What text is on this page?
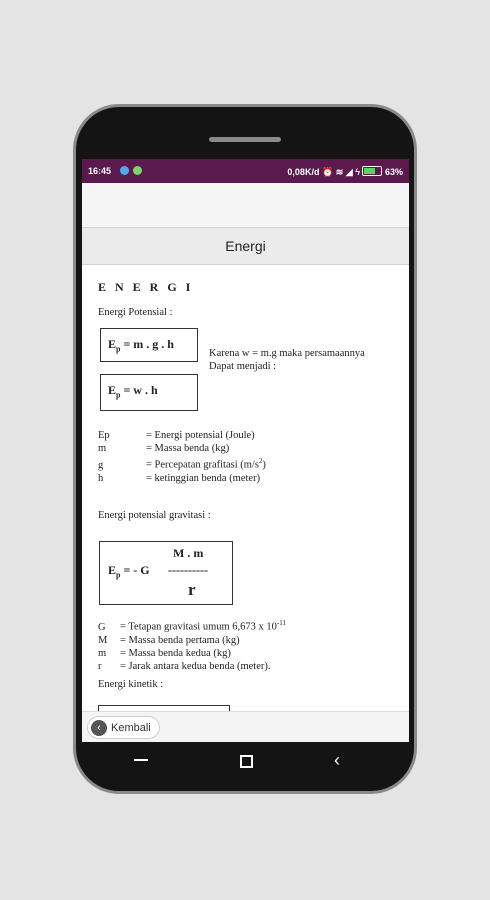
16:45	0,08K/d ⏰ ≋ ◢ ϟ	63%
Energi
E N E R G I
Energi Potensial :
$E_p = m$ . g . h
$E_p = w$ . h
Karena w = m.g maka persamaannya
Dapat menjadi :
Ep	= Energi potensial (Joule)
m	= Massa benda (kg)
g	= Percepatan grafitasi $(m/s^2)$
h	= ketinggian benda (meter)
Energi potensial gravitasi :
M . m
$E_p$ = - G ----------
r
G = Tetapan gravitasi umum 6,673 x $10^{-11}$
M = Massa benda pertama (kg)
m = Massa benda kedua (kg)
r = Jarak antara kedua benda (meter).
Energi kinetik :
‹ Kembali
‹
